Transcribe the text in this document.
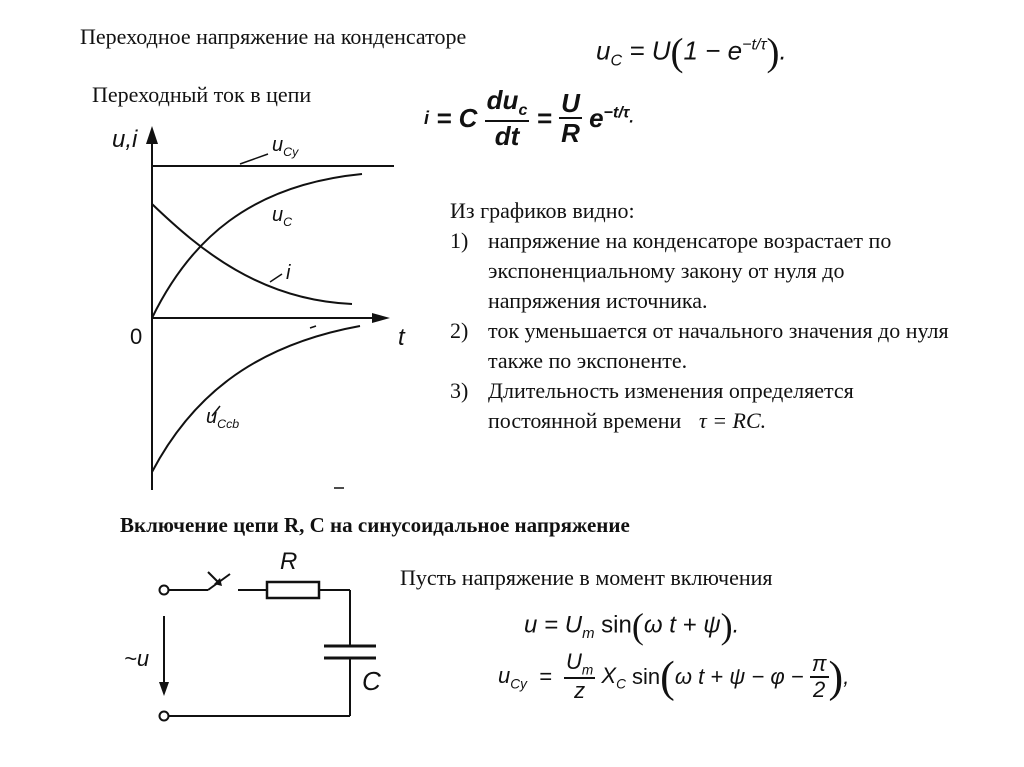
Переходное напряжение на конденсаторе
Переходный ток в цепи
$u_C = U(1 - e^{-t/\tau})$.
i = C $\frac{du_c}{dt} = \frac{U}{R} e^{-t/\tau}$.
u,i
t
0
$u_{Cy}$
$u_C$
i
$u_{Ccb}$
Из графиков видно:
1) напряжение на конденсаторе возрастает по экспоненциальному закону от нуля до напряжения источника.
2) ток уменьшается от начального значения до нуля также по экспоненте.
3) Длительность изменения определяется постоянной времени τ = RC.
Включение цепи R, C на синусоидальное напряжение
R
C
~u
Пусть напряжение в момент включения
$u = U_m$ sin(ω t + ψ).
$u_{Cy} = \frac{U_m}{z} X_C$ sin(ω $t + \psi - \varphi - \frac{\pi}{2}$ ),
